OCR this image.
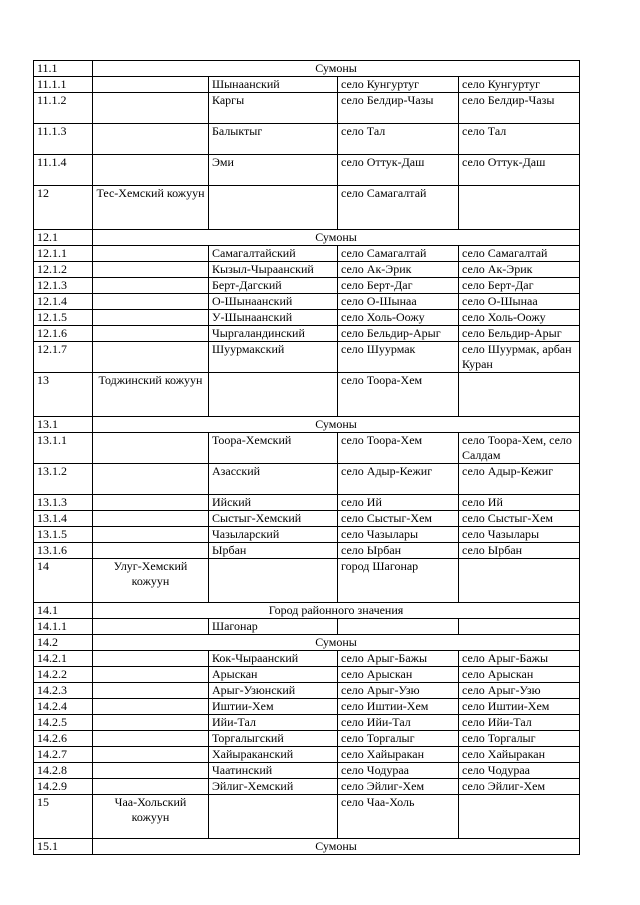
11.1	Сумоны			
11.1.1		Шынаанский	село Кунгуртуг	село Кунгуртуг
11.1.2		Каргы	село Белдир-Чазы	село Белдир-Чазы
11.1.3		Балыктыг	село Тал	село Тал
11.1.4		Эми	село Оттук-Даш	село Оттук-Даш
12	Тес-Хемский кожуун		село Самагалтай	
12.1	Сумоны			
12.1.1		Самагалтайский	село Самагалтай	село Самагалтай
12.1.2		Кызыл-Чыраанский	село Ак-Эрик	село Ак-Эрик
12.1.3		Берт-Дагский	село Берт-Даг	село Берт-Даг
12.1.4		О-Шынаанский	село О-Шынаа	село О-Шынаа
12.1.5		У-Шынаанский	село Холь-Оожу	село Холь-Оожу
12.1.6		Чыргаландинский	село Бельдир-Арыг	село Бельдир-Арыг
12.1.7		Шуурмакский	село Шуурмак	село Шуурмак, арбан Куран
13	Тоджинский кожуун		село Тоора-Хем	
13.1	Сумоны			
13.1.1		Тоора-Хемский	село Тоора-Хем	село Тоора-Хем, село Салдам
13.1.2		Азасский	село Адыр-Кежиг	село Адыр-Кежиг
13.1.3		Ийский	село Ий	село Ий
13.1.4		Сыстыг-Хемский	село Сыстыг-Хем	село Сыстыг-Хем
13.1.5		Чазыларский	село Чазылары	село Чазылары
13.1.6		Ырбан	село Ырбан	село Ырбан
14	Улуг-Хемский кожуун		город Шагонар	
14.1	Город районного значения			
14.1.1		Шагонар		
14.2	Сумоны			
14.2.1		Кок-Чыраанский	село Арыг-Бажы	село Арыг-Бажы
14.2.2		Арыскан	село Арыскан	село Арыскан
14.2.3		Арыг-Узюнский	село Арыг-Узю	село Арыг-Узю
14.2.4		Иштии-Хем	село Иштии-Хем	село Иштии-Хем
14.2.5		Ийи-Тал	село Ийи-Тал	село Ийи-Тал
14.2.6		Торгалыгский	село Торгалыг	село Торгалыг
14.2.7		Хайыраканский	село Хайыракан	село Хайыракан
14.2.8		Чаатинский	село Чодураа	село Чодураа
14.2.9		Эйлиг-Хемский	село Эйлиг-Хем	село Эйлиг-Хем
15	Чаа-Хольский кожуун		село Чаа-Холь	
15.1	Сумоны			
